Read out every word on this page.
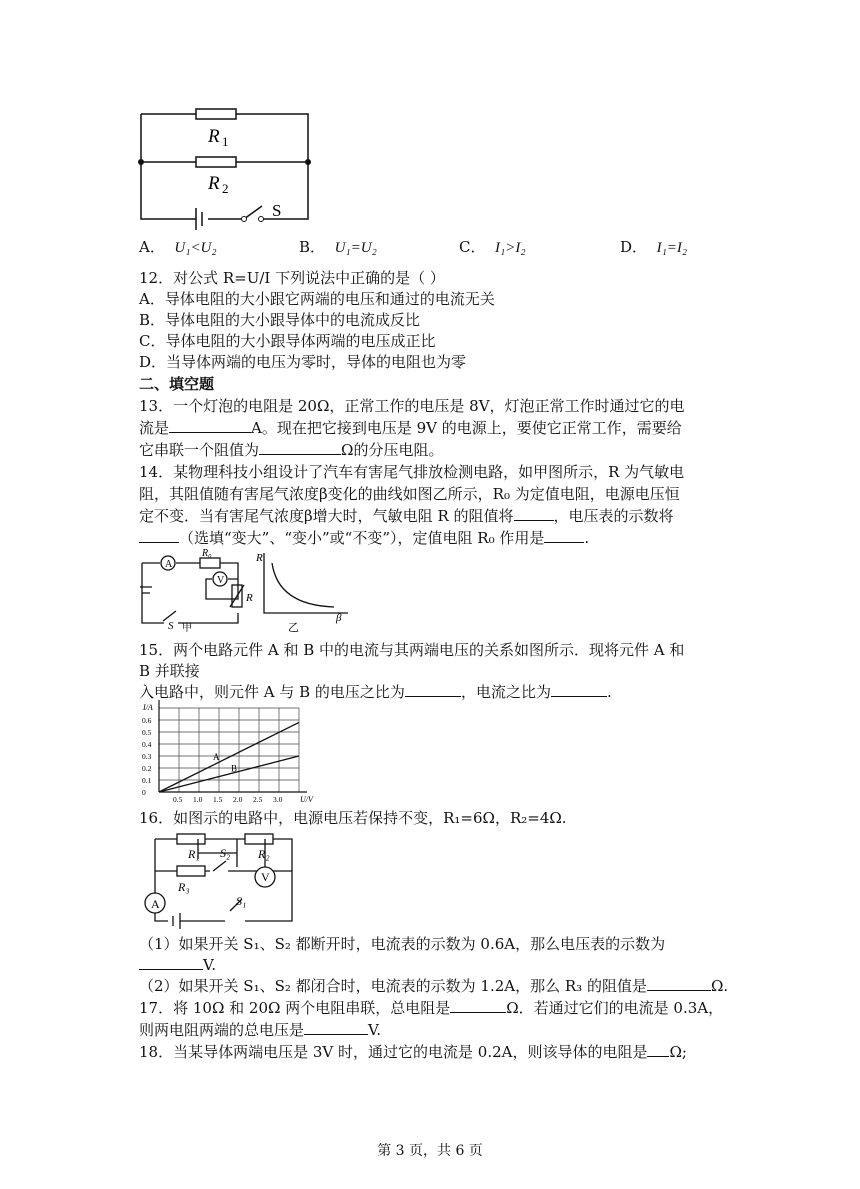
R 1
R 2
S
A． U₁<U₂	B． U₁=U₂	C． I₁>I₂	D． I₁=I₂
12．对公式 R=U/I 下列说法中正确的是（ ）
A．导体电阻的大小跟它两端的电压和通过的电流无关
B．导体电阻的大小跟导体中的电流成反比
C．导体电阻的大小跟导体两端的电压成正比
D．当导体两端的电压为零时，导体的电阻也为零
二、填空题
13．一个灯泡的电阻是 20Ω，正常工作的电压是 8V，灯泡正常工作时通过它的电
流是	A。现在把它接到电压是 9V 的电源上，要使它正常工作，需要给
它串联一个阻值为	Ω的分压电阻。
14．某物理科技小组设计了汽车有害尾气排放检测电路，如甲图所示，R 为气敏电
阻，其阻值随有害尾气浓度β变化的曲线如图乙所示，R₀ 为定值电阻，电源电压恒
定不变．当有害尾气浓度β增大时，气敏电阻 R 的阻值将	，电压表的示数将
（选填“变大”、“变小”或“不变”），定值电阻 R₀ 作用是	.
A
V
R₀
R
S 甲	乙
R
β
15．两个电路元件 A 和 B 中的电流与其两端电压的关系如图所示．现将元件 A 和
B 并联接
入电路中，则元件 A 与 B 的电压之比为	，电流之比为	.
I/A
U/V
0.6
0.5
0.4
0.3
0.2
0.1
0
0.5 1.0 1.5 2.0 2.5 3.0
A
B
16．如图示的电路中，电源电压若保持不变，R₁=6Ω，R₂=4Ω.
A
V
R₁	R₂
R₃
S₂
S₁
（1）如果开关 S₁、S₂ 都断开时，电流表的示数为 0.6A，那么电压表的示数为
V.
（2）如果开关 S₁、S₂ 都闭合时，电流表的示数为 1.2A，那么 R₃ 的阻值是	Ω.
17．将 10Ω 和 20Ω 两个电阻串联，总电阻是	Ω．若通过它们的电流是 0.3A，
则两电阻两端的总电压是	V.
18．当某导体两端电压是 3V 时，通过它的电流是 0.2A，则该导体的电阻是 Ω;
第 3 页，共 6 页
